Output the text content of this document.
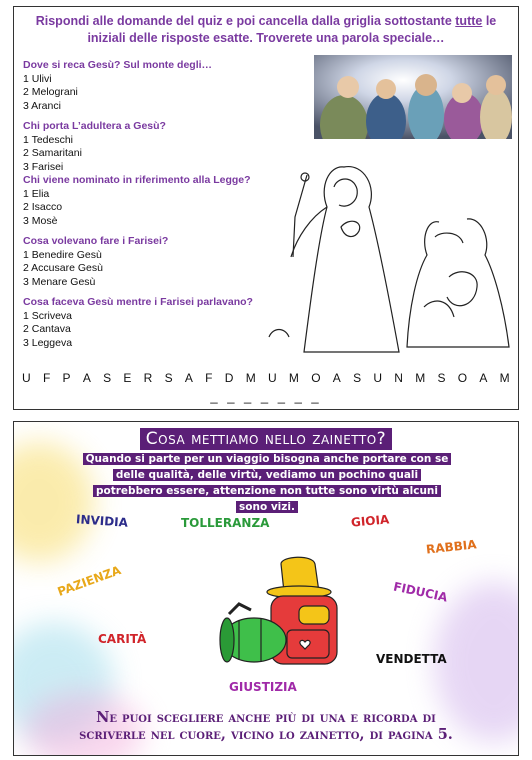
Rispondi alle domande del quiz e poi cancella dalla griglia sottostante tutte le iniziali delle risposte esatte. Troverete una parola speciale…
Dove si reca Gesù? Sul monte degli…
1 Ulivi
2 Melograni
3 Aranci
Chi porta L’adultera a Gesù?
1 Tedeschi
2 Samaritani
3 Farisei
Chi viene nominato in riferimento alla Legge?
1 Elia
2 Isacco
3 Mosè
Cosa volevano fare i Farisei?
1 Benedire Gesù
2 Accusare Gesù
3 Menare Gesù
Cosa faceva Gesù mentre i Farisei parlavano?
1 Scriveva
2 Cantava
3 Leggeva
U F P A S E R S A F D M U M O A S U N M S O A M
_ _ _ _ _ _ _
Cosa mettiamo nello zainetto?
Quando si parte per un viaggio bisogna anche portare con se
delle qualità, delle virtù, vediamo un pochino quali
potrebbero essere, attenzione non tutte sono virtù alcuni
sono vizi.
INVIDIA	TOLLERANZA	GIOIA
RABBIA
PAZIENZA	FIDUCIA
CARITÀ
VENDETTA
GIUSTIZIA
Ne puoi scegliere anche più di una e ricorda di
scriverle nel cuore, vicino lo zainetto, di pagina 5.
